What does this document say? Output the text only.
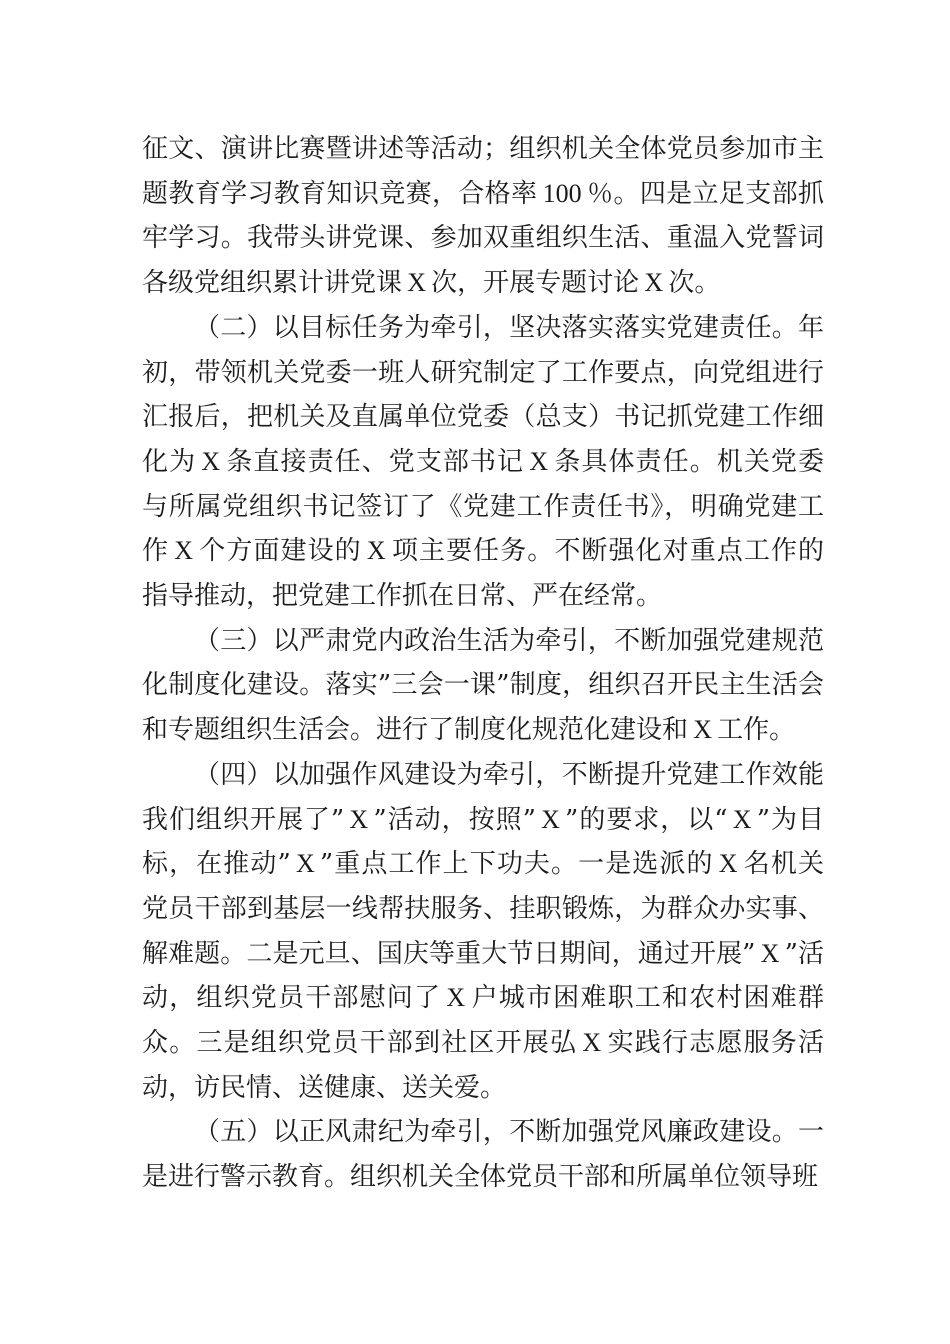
征文、演讲比赛暨讲述等活动；组织机关全体党员参加市主题教育学习教育知识竞赛，合格率 100 ％。四是立足支部抓牢学习。我带头讲党课、参加双重组织生活、重温入党誓词各级党组织累计讲党课 X 次，开展专题讨论 X 次。

（二）以目标任务为牵引，坚决落实落实党建责任。年初，带领机关党委一班人研究制定了工作要点，向党组进行汇报后，把机关及直属单位党委（总支）书记抓党建工作细化为 X 条直接责任、党支部书记 X 条具体责任。机关党委与所属党组织书记签订了《党建工作责任书》，明确党建工作 X 个方面建设的 X 项主要任务。不断强化对重点工作的指导推动，把党建工作抓在日常、严在经常。

（三）以严肃党内政治生活为牵引，不断加强党建规范化制度化建设。落实”三会一课”制度，组织召开民主生活会和专题组织生活会。进行了制度化规范化建设和 X 工作。

（四）以加强作风建设为牵引，不断提升党建工作效能我们组织开展了” X ”活动，按照” X ”的要求，以“ X ”为目标，在推动” X ”重点工作上下功夫。一是选派的 X 名机关党员干部到基层一线帮扶服务、挂职锻炼，为群众办实事、解难题。二是元旦、国庆等重大节日期间，通过开展” X ”活动，组织党员干部慰问了 X 户城市困难职工和农村困难群众。三是组织党员干部到社区开展弘 X 实践行志愿服务活动，访民情、送健康、送关爱。

（五）以正风肃纪为牵引，不断加强党风廉政建设。一是进行警示教育。组织机关全体党员干部和所属单位领导班
